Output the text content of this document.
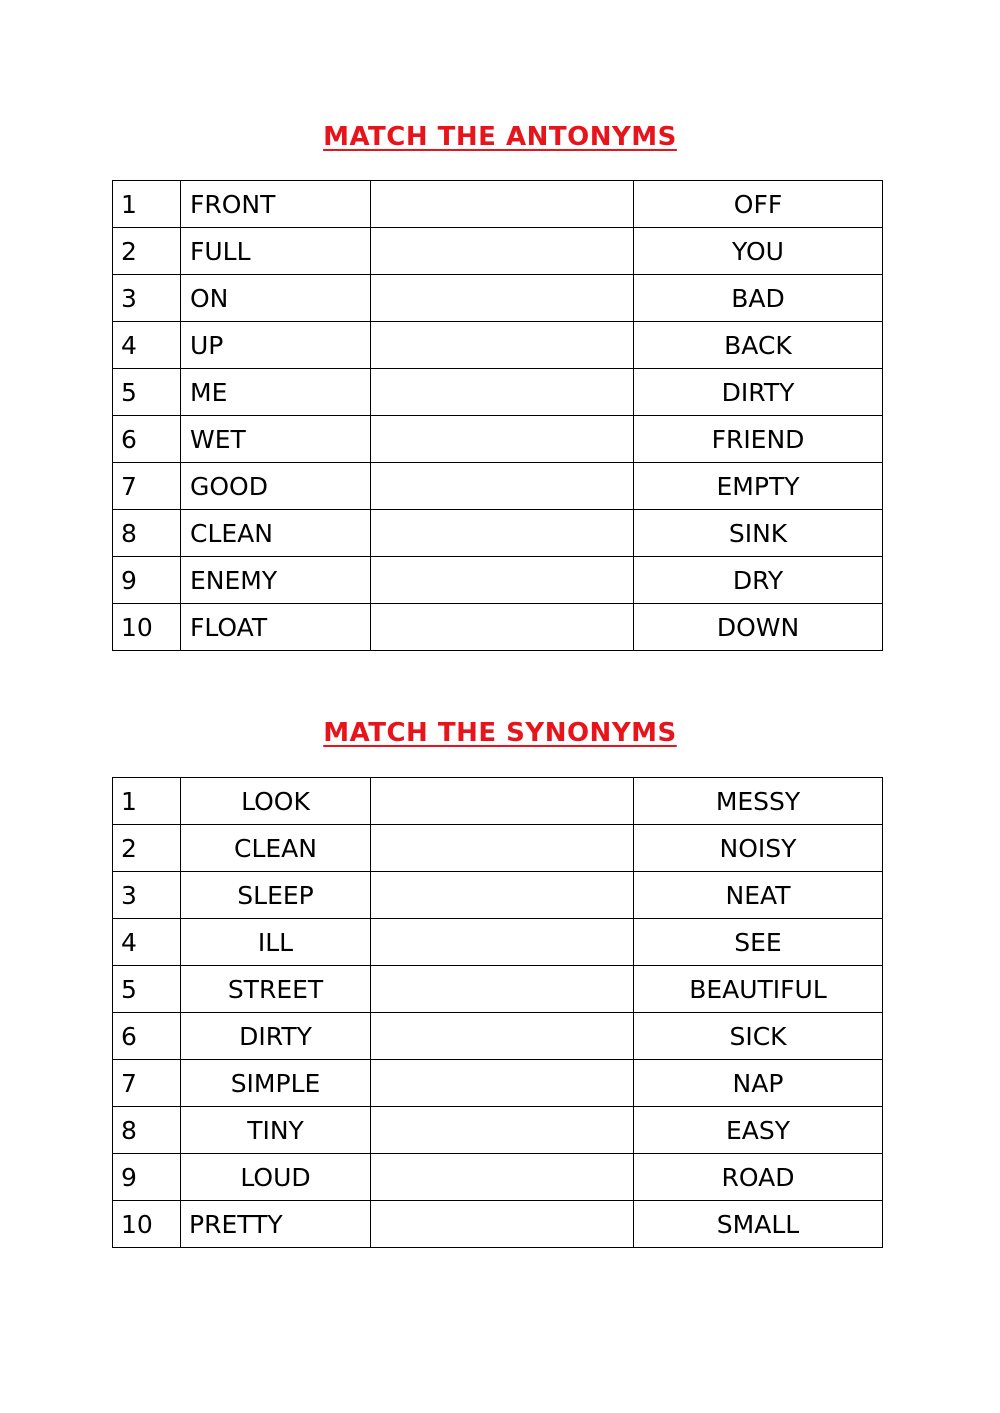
MATCH THE ANTONYMS
1	FRONT		OFF
2	FULL		YOU
3	ON		BAD
4	UP		BACK
5	ME		DIRTY
6	WET		FRIEND
7	GOOD		EMPTY
8	CLEAN		SINK
9	ENEMY		DRY
10	FLOAT		DOWN
MATCH THE SYNONYMS
1	LOOK		MESSY
2	CLEAN		NOISY
3	SLEEP		NEAT
4	ILL		SEE
5	STREET		BEAUTIFUL
6	DIRTY		SICK
7	SIMPLE		NAP
8	TINY		EASY
9	LOUD		ROAD
10	PRETTY		SMALL
